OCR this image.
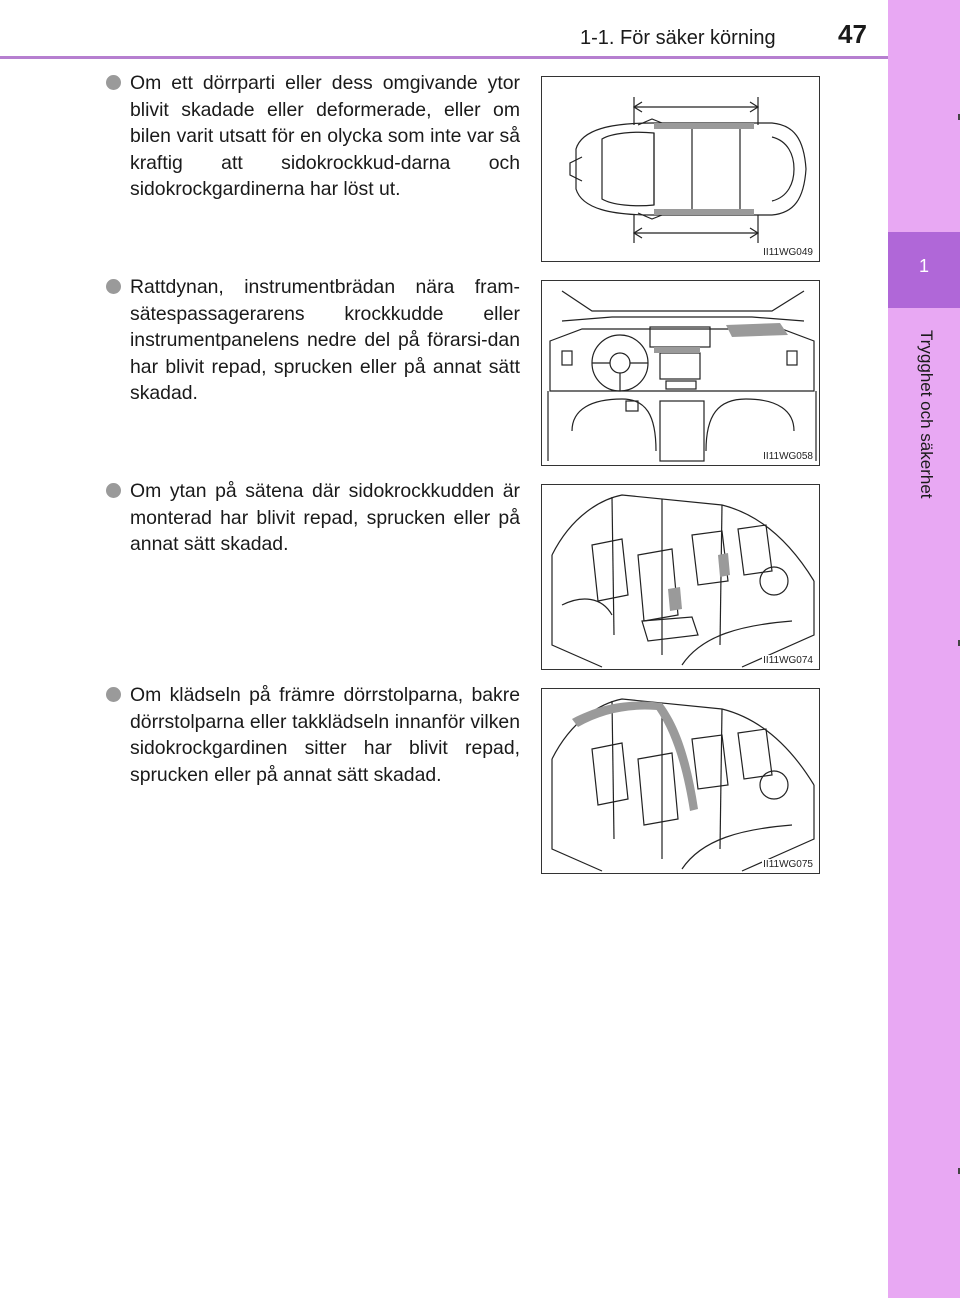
1-1. För säker körning 47
1
Trygghet och säkerhet
Om ett dörrparti eller dess omgivande ytor blivit skadade eller deformerade, eller om bilen varit utsatt för en olycka som inte var så kraftig att sidokrockkud-darna och sidokrockgardinerna har löst ut.
II11WG049
Rattdynan, instrumentbrädan nära fram-sätespassagerarens krockkudde eller instrumentpanelens nedre del på förarsi-dan har blivit repad, sprucken eller på annat sätt skadad.
II11WG058
Om ytan på sätena där sidokrockkudden är monterad har blivit repad, sprucken eller på annat sätt skadad.
II11WG074
Om klädseln på främre dörrstolparna, bakre dörrstolparna eller takklädseln innanför vilken sidokrockgardinen sitter har blivit repad, sprucken eller på annat sätt skadad.
II11WG075
